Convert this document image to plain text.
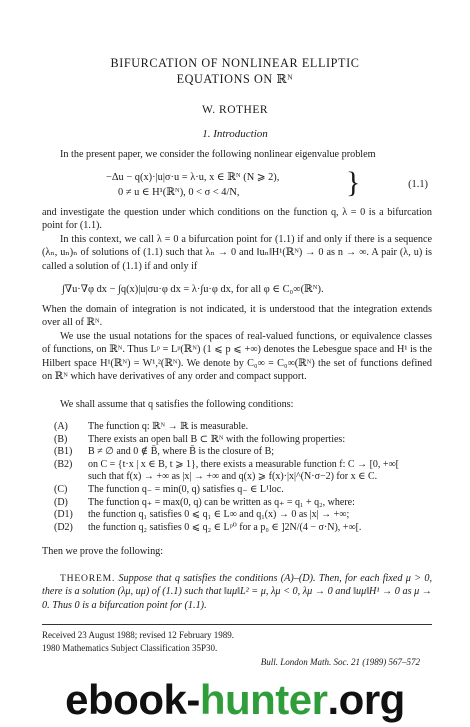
BIFURCATION OF NONLINEAR ELLIPTIC
EQUATIONS ON ℝᴺ
W. ROTHER
1. Introduction
In the present paper, we consider the following nonlinear eigenvalue problem
−Δu − q(x)·|u|σ·u = λ·u, x ∈ ℝᴺ (N ⩾ 2),
0 ≠ u ∈ H¹(ℝᴺ), 0 < σ < 4/N,	}	(1.1)
and investigate the question under which conditions on the function q, λ = 0 is a bifurcation point for (1.1).
In this context, we call λ = 0 a bifurcation point for (1.1) if and only if there is a sequence (λₙ, uₙ)ₙ of solutions of (1.1) such that λₙ → 0 and ‖uₙ‖H¹(ℝᴺ) → 0 as n → ∞. A pair (λ, u) is called a solution of (1.1) if and only if
∫∇u·∇φ dx − ∫q(x)|u|σu·φ dx = λ·∫u·φ dx, for all φ ∈ C₀∞(ℝᴺ).
When the domain of integration is not indicated, it is understood that the integration extends over all of ℝᴺ.
We use the usual notations for the spaces of real-valued functions, or equivalence classes of functions, on ℝᴺ. Thus Lᵖ = Lᵖ(ℝᴺ) (1 ⩽ p ⩽ +∞) denotes the Lebesgue space and H¹ is the Hilbert space H¹(ℝᴺ) = W¹,²(ℝᴺ). We denote by C₀∞ = C₀∞(ℝᴺ) the set of functions defined on ℝᴺ which have derivatives of any order and compact support.
We shall assume that q satisfies the following conditions:
(A) The function q: ℝᴺ → ℝ is measurable.
(B) There exists an open ball B ⊂ ℝᴺ with the following properties:
(B1) B ≠ ∅ and 0 ∉ B̄, where B̄ is the closure of B;
(B2) on C = {t·x | x ∈ B, t ⩾ 1}, there exists a measurable function f: C → [0, +∞[
such that f(x) → +∞ as |x| → +∞ and q(x) ⩾ f(x)·|x|^(N·σ−2) for x ∈ C.
(C) The function q₋ = min(0, q) satisfies q₋ ∈ L¹loc.
(D) The function q₊ = max(0, q) can be written as q₊ = q₁ + q₂, where:
(D1) the function q₁ satisfies 0 ⩽ q₁ ∈ L∞ and q₁(x) → 0 as |x| → +∞;
(D2) the function q₂ satisfies 0 ⩽ q₂ ∈ Lᵖ⁰ for a p₀ ∈ ]2N/(4 − σ·N), +∞[.
Then we prove the following:
THEOREM. Suppose that q satisfies the conditions (A)–(D). Then, for each fixed μ > 0, there is a solution (λμ, uμ) of (1.1) such that ‖uμ‖L² = μ, λμ < 0, λμ → 0 and ‖uμ‖H¹ → 0 as μ → 0. Thus 0 is a bifurcation point for (1.1).
Received 23 August 1988; revised 12 February 1989.
1980 Mathematics Subject Classification 35P30.
Bull. London Math. Soc. 21 (1989) 567–572
ebook- hunter .org
